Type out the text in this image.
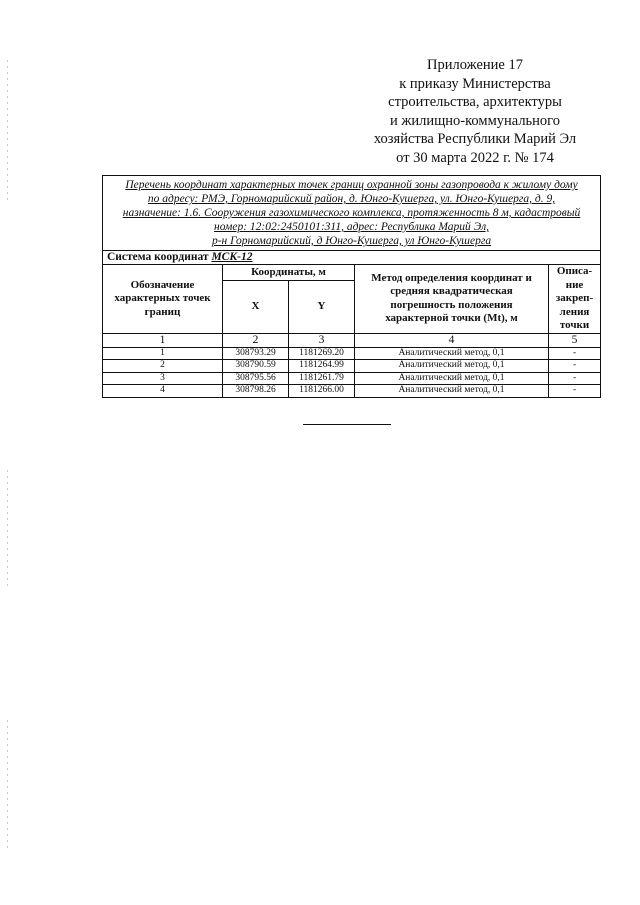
Приложение 17
к приказу Министерства
строительства, архитектуры
и жилищно-коммунального
хозяйства Республики Марий Эл
от 30 марта 2022 г. № 174
Перечень координат характерных точек границ охранной зоны газопровода к жилому дому
по адресу: РМЭ, Горномарийский район, д. Юнго-Кушерга, ул. Юнго-Кушерга, д. 9,
назначение: 1.6. Сооружения газохимического комплекса, протяженность 8 м, кадастровый
номер: 12:02:2450101:311, адрес: Республика Марий Эл,
р-н Горномарийский, д Юнго-Кушерга, ул Юнго-Кушерга				

Система координат МСК-12				
Обозначение характерных точек границ	Координаты, м		Метод определения координат и средняя квадратическая погрешность положения характерной точки (Mt), м	Описа-ние закреп-ления точки
	X	Y		
1	2	3	4	5
1	308793.29	1181269.20	Аналитический метод, 0,1	-
2	308790.59	1181264.99	Аналитический метод, 0,1	-
3	308795.56	1181261.79	Аналитический метод, 0,1	-
4	308798.26	1181266.00	Аналитический метод, 0,1	-
